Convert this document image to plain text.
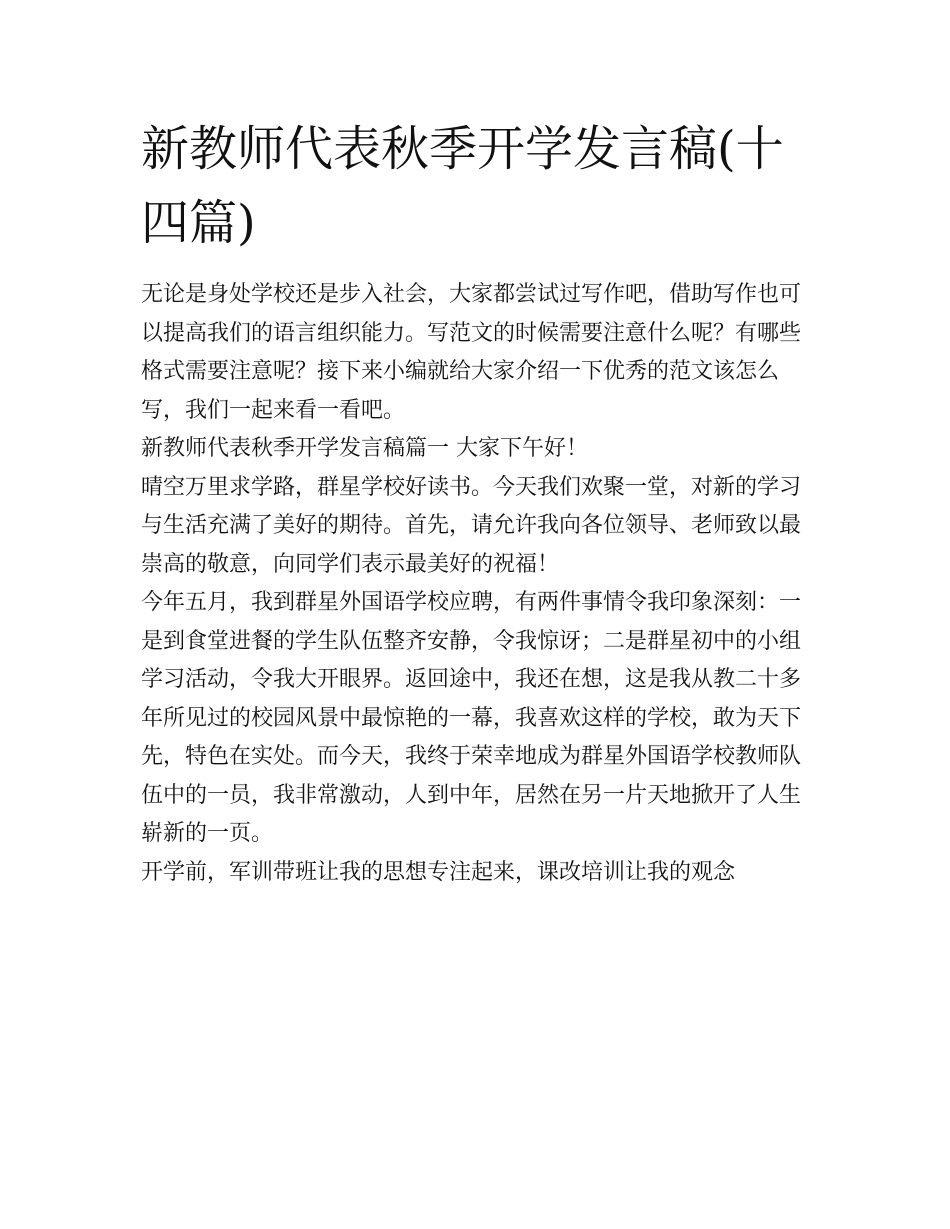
新教师代表秋季开学发言稿(十四篇)

无论是身处学校还是步入社会，大家都尝试过写作吧，借助写作也可以提高我们的语言组织能力。写范文的时候需要注意什么呢？有哪些格式需要注意呢？接下来小编就给大家介绍一下优秀的范文该怎么写，我们一起来看一看吧。

新教师代表秋季开学发言稿篇一 大家下午好！

晴空万里求学路，群星学校好读书。今天我们欢聚一堂，对新的学习与生活充满了美好的期待。首先，请允许我向各位领导、老师致以最崇高的敬意，向同学们表示最美好的祝福！

今年五月，我到群星外国语学校应聘，有两件事情令我印象深刻：一是到食堂进餐的学生队伍整齐安静，令我惊讶；二是群星初中的小组学习活动，令我大开眼界。返回途中，我还在想，这是我从教二十多年所见过的校园风景中最惊艳的一幕，我喜欢这样的学校，敢为天下先，特色在实处。而今天，我终于荣幸地成为群星外国语学校教师队伍中的一员，我非常激动，人到中年，居然在另一片天地掀开了人生崭新的一页。

开学前，军训带班让我的思想专注起来，课改培训让我的观念
